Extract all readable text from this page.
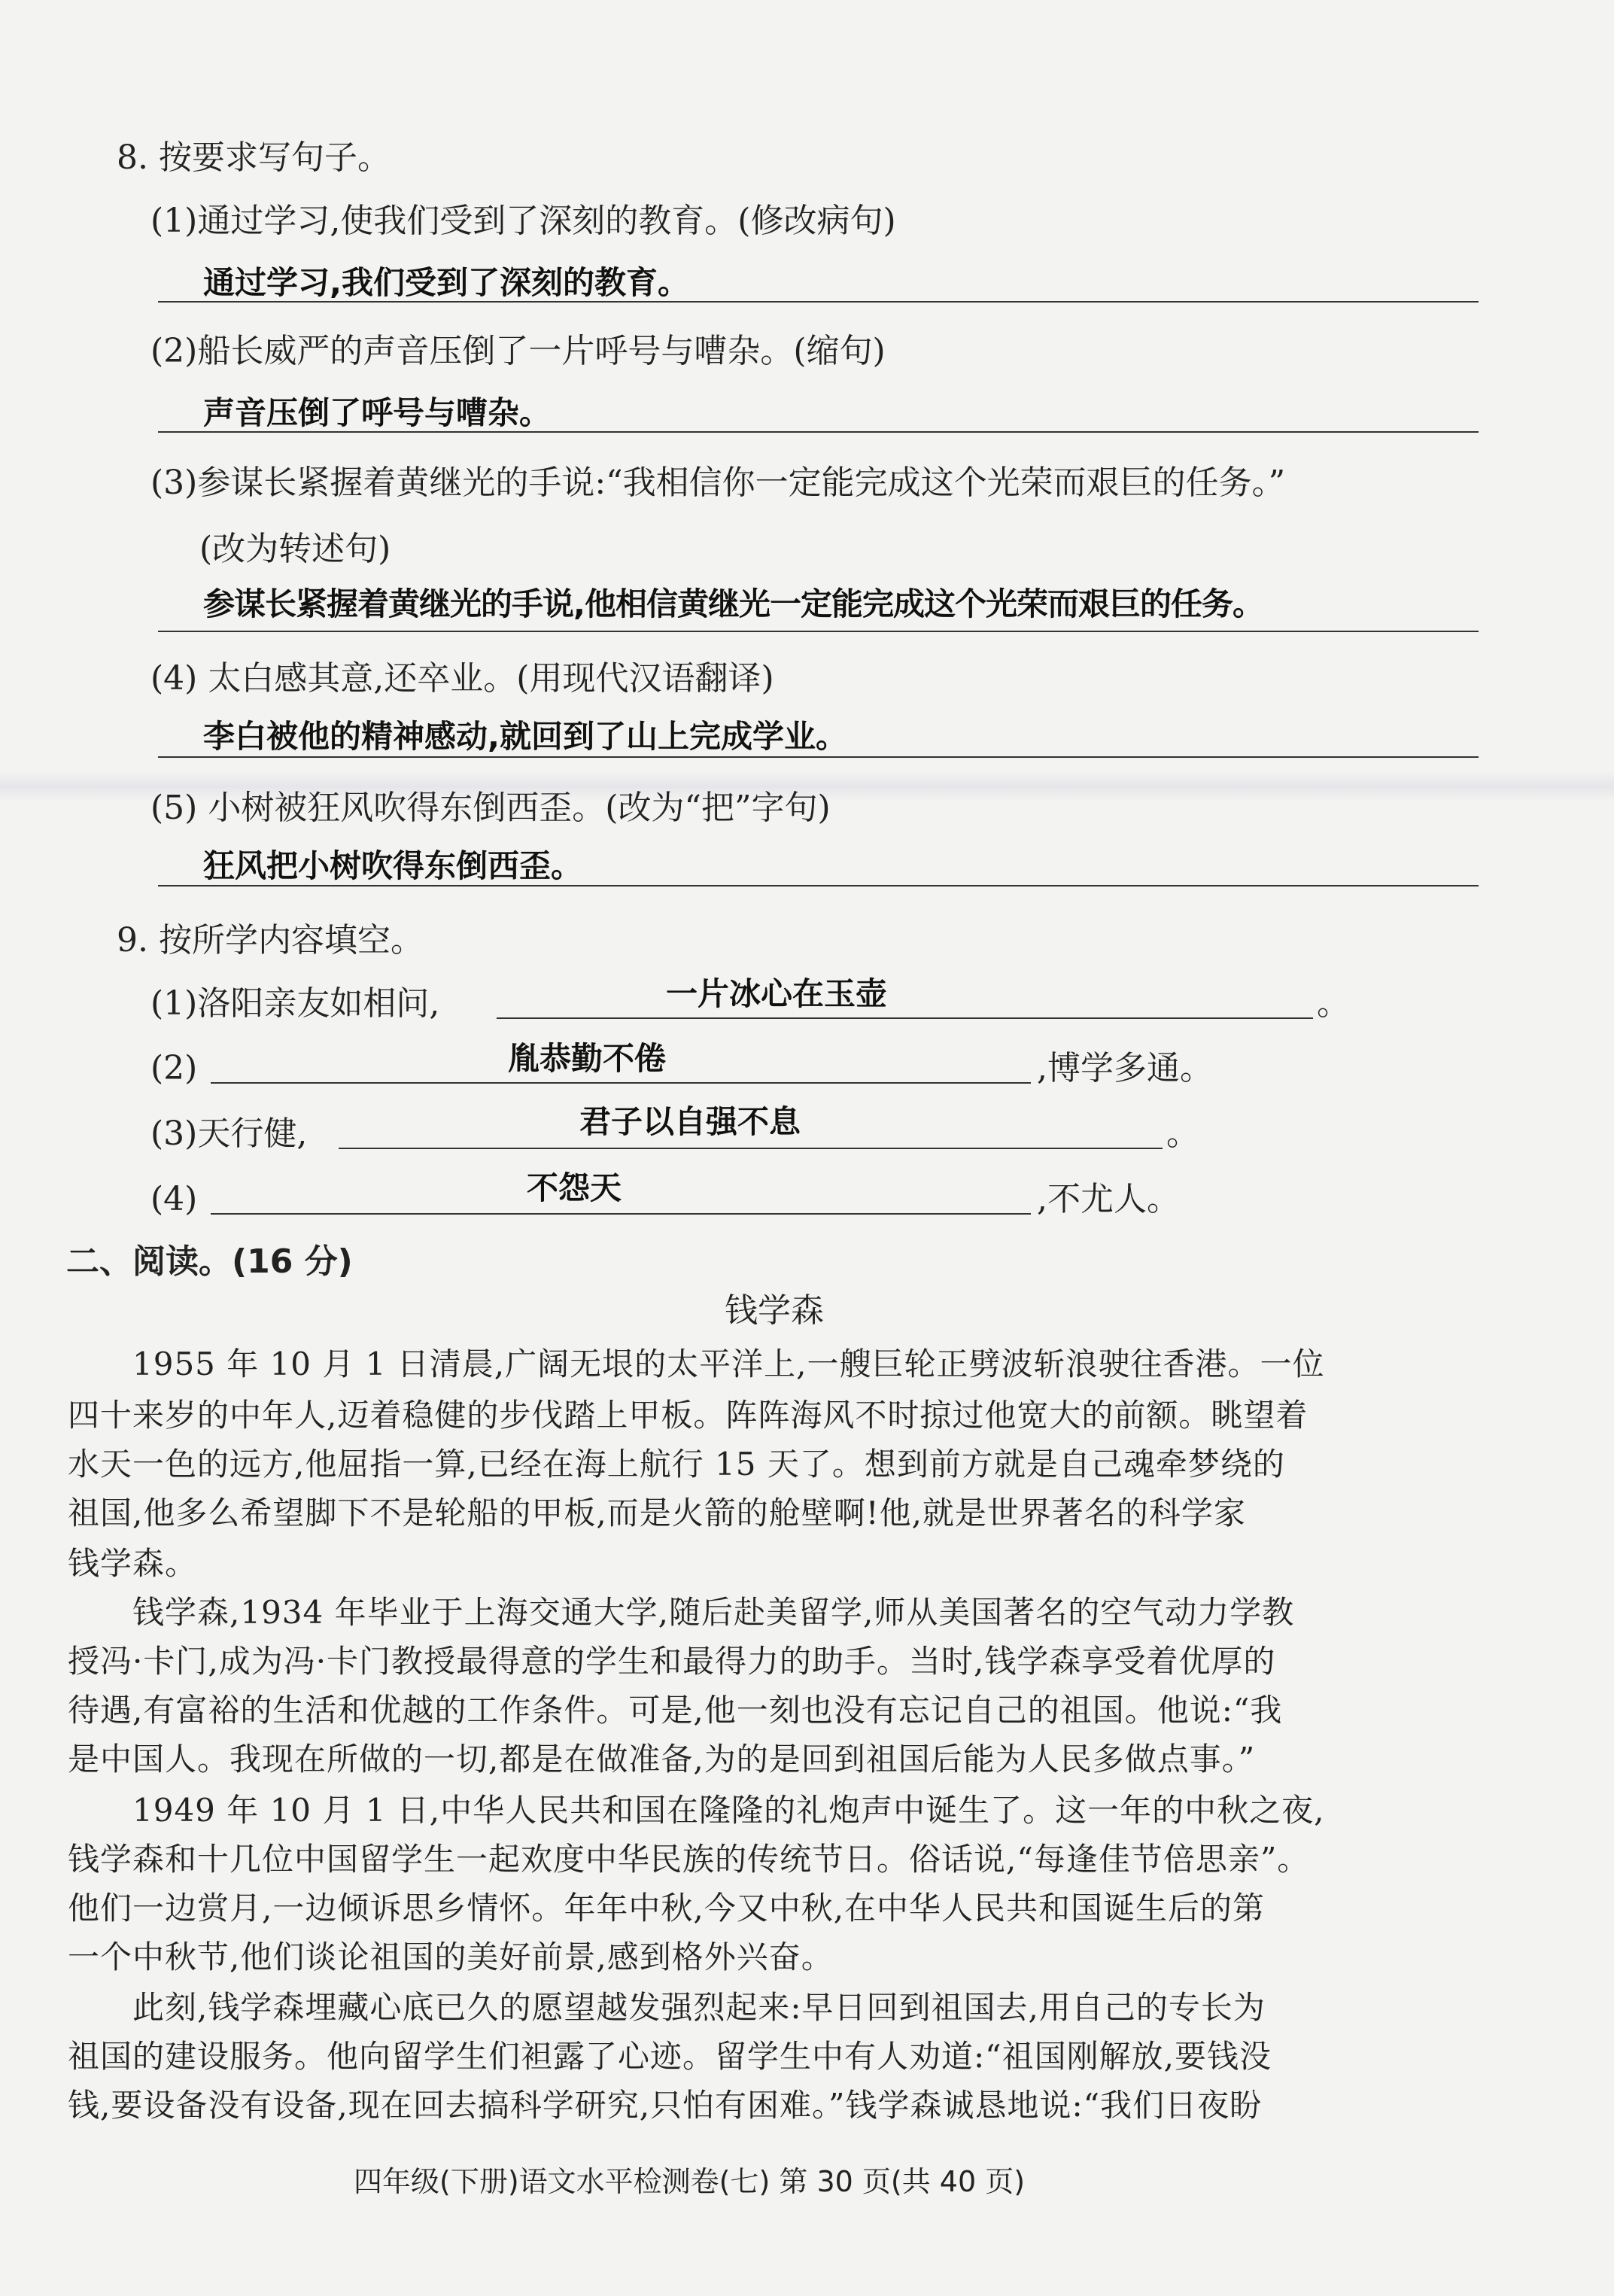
8. 按要求写句子。
(1)通过学习,使我们受到了深刻的教育。(修改病句)
通过学习,我们受到了深刻的教育。
(2)船长威严的声音压倒了一片呼号与嘈杂。(缩句)
声音压倒了呼号与嘈杂。
(3)参谋长紧握着黄继光的手说:“我相信你一定能完成这个光荣而艰巨的任务。”
(改为转述句)
参谋长紧握着黄继光的手说,他相信黄继光一定能完成这个光荣而艰巨的任务。
(4) 太白感其意,还卒业。(用现代汉语翻译)
李白被他的精神感动,就回到了山上完成学业。
(5) 小树被狂风吹得东倒西歪。(改为“把”字句)
狂风把小树吹得东倒西歪。
9. 按所学内容填空。
(1)洛阳亲友如相问,	一片冰心在玉壶	。
(2)	胤恭勤不倦	,博学多通。
(3)天行健,	君子以自强不息	。
(4)	不怨天	,不尤人。
二、阅读。(16 分)
钱学森
　　1955 年 10 月 1 日清晨,广阔无垠的太平洋上,一艘巨轮正劈波斩浪驶往香港。一位
四十来岁的中年人,迈着稳健的步伐踏上甲板。阵阵海风不时掠过他宽大的前额。眺望着
水天一色的远方,他屈指一算,已经在海上航行 15 天了。想到前方就是自己魂牵梦绕的
祖国,他多么希望脚下不是轮船的甲板,而是火箭的舱壁啊!他,就是世界著名的科学家
钱学森。
　　钱学森,1934 年毕业于上海交通大学,随后赴美留学,师从美国著名的空气动力学教
授冯·卡门,成为冯·卡门教授最得意的学生和最得力的助手。当时,钱学森享受着优厚的
待遇,有富裕的生活和优越的工作条件。可是,他一刻也没有忘记自己的祖国。他说:“我
是中国人。我现在所做的一切,都是在做准备,为的是回到祖国后能为人民多做点事。”
　　1949 年 10 月 1 日,中华人民共和国在隆隆的礼炮声中诞生了。这一年的中秋之夜,
钱学森和十几位中国留学生一起欢度中华民族的传统节日。俗话说,“每逢佳节倍思亲”。
他们一边赏月,一边倾诉思乡情怀。年年中秋,今又中秋,在中华人民共和国诞生后的第
一个中秋节,他们谈论祖国的美好前景,感到格外兴奋。
　　此刻,钱学森埋藏心底已久的愿望越发强烈起来:早日回到祖国去,用自己的专长为
祖国的建设服务。他向留学生们袒露了心迹。留学生中有人劝道:“祖国刚解放,要钱没
钱,要设备没有设备,现在回去搞科学研究,只怕有困难。”钱学森诚恳地说:“我们日夜盼
四年级(下册)语文水平检测卷(七) 第 30 页(共 40 页)
